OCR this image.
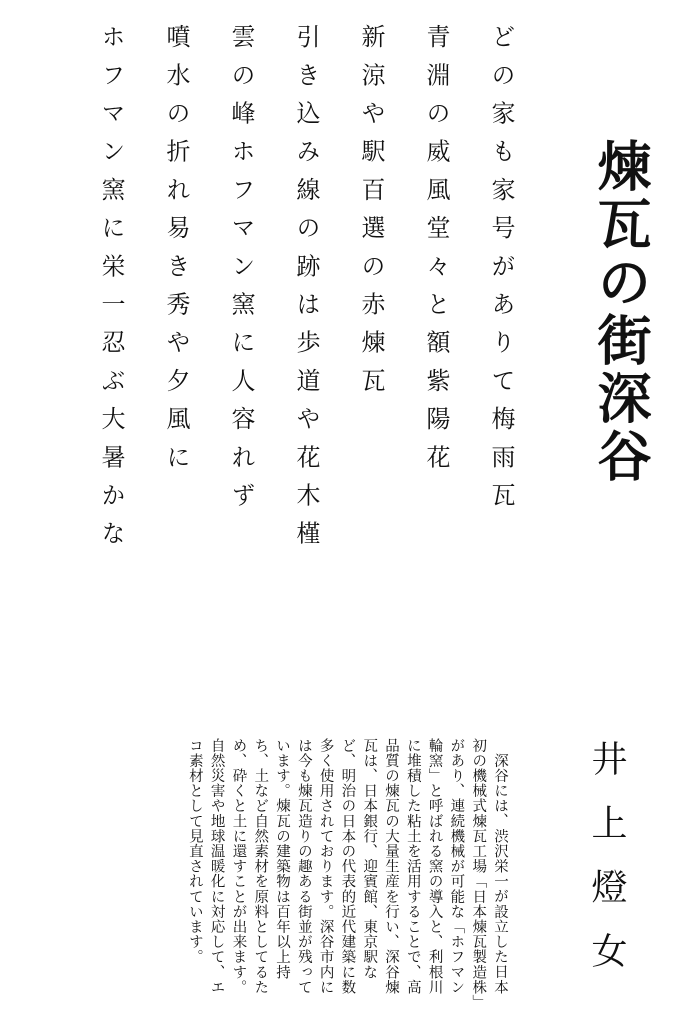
煉瓦の街深谷
井上燈女

どの家も家号がありて梅雨瓦

青淵の威風堂々と額紫陽花

新涼や駅百選の赤煉瓦

引き込み線の跡は歩道や花木槿

雲の峰ホフマン窯に人容れず

噴水の折れ易き秀や夕風に

ホフマン窯に栄一忍ぶ大暑かな

深谷には、渋沢栄一が設立した日本初の機械式煉瓦工場「日本煉瓦製造株」があり、連続機械が可能な「ホフマン輪窯」と呼ばれる窯の導入と、利根川に堆積した粘土を活用することで、高品質の煉瓦の大量生産を行い、深谷煉瓦は、日本銀行、迎賓館、東京駅など、明治の日本の代表的近代建築に数多く使用されております。深谷市内には今も煉瓦造りの趣ある街並が残っています。煉瓦の建築物は百年以上持ち、土など自然素材を原料としてるため、砕くと土に還すことが出来ます。自然災害や地球温暖化に対応して、エコ素材として見直されています。
